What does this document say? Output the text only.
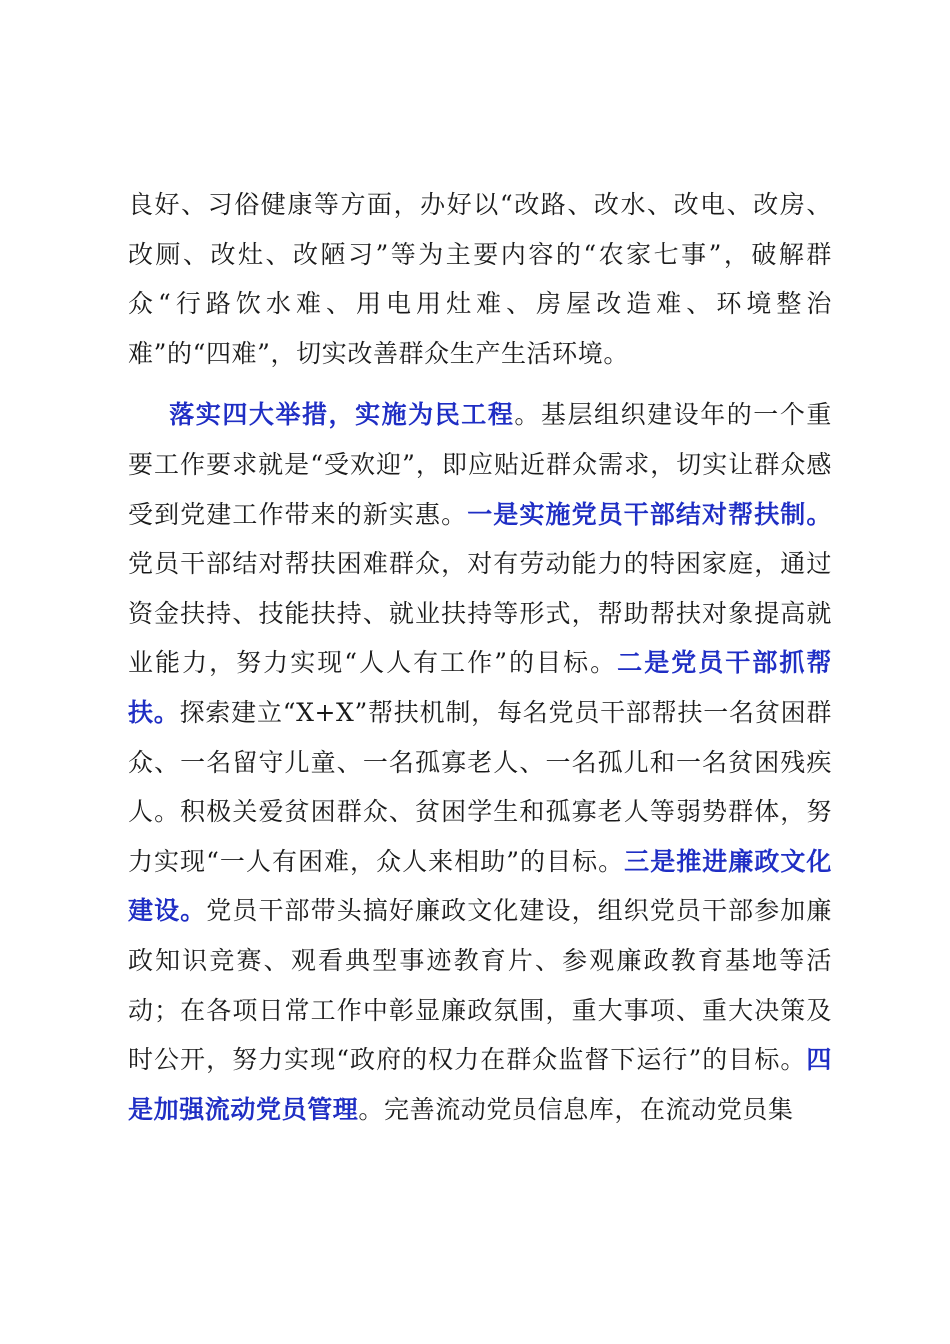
良好、习俗健康等方面，办好以“改路、改水、改电、改房、改厕、改灶、改陋习”等为主要内容的“农家七事”，破解群众“行路饮水难、用电用灶难、房屋改造难、环境整治难”的“四难”，切实改善群众生产生活环境。

落实四大举措，实施为民工程。基层组织建设年的一个重要工作要求就是“受欢迎”，即应贴近群众需求，切实让群众感受到党建工作带来的新实惠。一是实施党员干部结对帮扶制。党员干部结对帮扶困难群众，对有劳动能力的特困家庭，通过资金扶持、技能扶持、就业扶持等形式，帮助帮扶对象提高就业能力，努力实现“人人有工作”的目标。二是党员干部抓帮扶。探索建立“X+X”帮扶机制，每名党员干部帮扶一名贫困群众、一名留守儿童、一名孤寡老人、一名孤儿和一名贫困残疾人。积极关爱贫困群众、贫困学生和孤寡老人等弱势群体，努力实现“一人有困难，众人来相助”的目标。三是推进廉政文化建设。党员干部带头搞好廉政文化建设，组织党员干部参加廉政知识竞赛、观看典型事迹教育片、参观廉政教育基地等活动；在各项日常工作中彰显廉政氛围，重大事项、重大决策及时公开，努力实现“政府的权力在群众监督下运行”的目标。四是加强流动党员管理。完善流动党员信息库，在流动党员集
